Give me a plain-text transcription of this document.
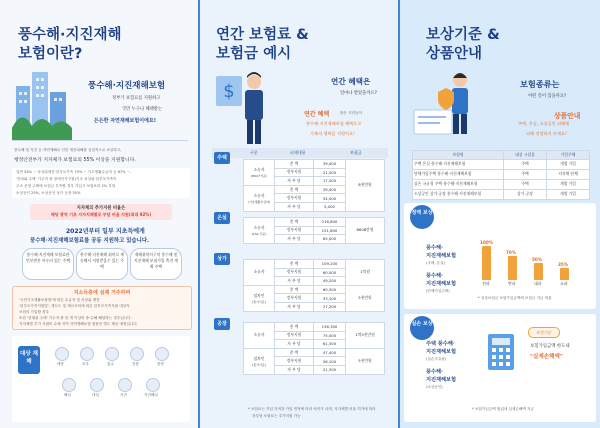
풍수해·지진재해
보험이란?
풍수해·지진재해보험
정부가 보험료를 지원하고
국민 누구나 혜택받는
든든한 자연재해보험이에요!
풍수해 및 지진 등 자연재해로 인한 재산피해를 실질적으로 보상하고,
행정안전부가 지자체가 보험료의 55% 이상을 지원합니다.
일반 55% ~ 차상위계층·한부모가족 70% ~ 기초생활수급자 등 87% ~,
'한파와 주택' 가주자 중 장애인가구원(기초 차상위·한부모가족이
주소 운영 주택에 보험금 부족할 경우 가입시 보험료의 2% 부담
소상공인 25%, 소상공인 상가 공장 55%
지자체의 추가지원 비율은
해당 광역 기초 지자치체별로 부담 비율 지원(최대 92%)
2022년부터 일부 지초득에게
풍수해·지진재해보험료를 공동 지원하고 있습니다.
풍수해·지진재해 보험료관 민보면진 아우러 있는 주택
풍수해·지진재해 취약로 계속해서 지원받을수 있는 주택
재해취약지구의 풍수해 및 지진재해 보험가입 축진 계획 주택
지소득층에 실제 거주하며
'국민기초생활보장법'에 따른 수급자 및 차상위 계층
'한부모가족지원법', 재도도 및 제르조의에 따른 한부모가족지원 대상자
보험의 가입할 경우
또한 '한계위 주택' 가주자 중 한 개 이상의 중·수해 해당하는 경우입니다.
지자체별 추가 지원비 수혜 지역 자연재해보험 청용증 별도 제공 예정입니다
대상 재해	태풍	호우	홍수	강풍	풍랑
해일	대설	지진	지진해일
연간 보험료 &
보험금 예시
$	연간 혜택은
얼마나 받았을까요?
연간 혜택	많은 국민들이
풍수해·지진재해보험 혜택으로
가족의 행복을 지원어요!
구분	피재내용	보험금
주택
소유자
(80m²기준)	총 액	39,000	8천만원
	정부지원	21,500	
	자 부 담	17,500	
소유자
(기초생활수급자)	총 액	39,000	
	정부지원	34,000	
	자 부 담	5,000	
온실
소유자
(1ha 기준)	총 액	216,800	8608만원
	정부지원	151,800	
	자 부 담	65,000	
상가
소유자	총 액	109,200	1억원
	정부지원	60,000	
	자 부 담	49,200	
임차인
(휴가기준)	총 액	60,300	5천만원
	정부지원	33,100	
	자 부 담	27,200	
공장
소유자	총 액	136,300	1억5천만원
	정부지원	75,000	
	자 부 담	61,300	
임차인
(휴가기준)	총 액	47,400	5천만원
	정부지원	26,100	
	자 부 담	21,300	
* 보험료는 가입 지역과 가입 면적에 따라 차이가 나며, 지자체별 비율 허가에 따라
자부담 보험료는 추가지원 가능
보상기준 &
상품안내
보험종류는
어떤 것이 있을까요?
상품안내
주택, 온실, 소상공인 피해에
피해 걱정하지 마세요!
보험명	대상 시설물	가입주체
주택 온실 풍수해·지진재해보험	주택	개별 가입
단체가입주택 풍수해·지진재해보험	주택	지자체 단체
실손 국유경 주택 풍수해·지진재해보험	주택	개별 가입
소상공인 상가·공장 풍수해·지진재해보험	상가 공장	개별 가입
정액 보상
풍수해·
지진재해보험
(주택, 온실)
풍수해·
지진재해보험
(단체가입주택)
100%
전파
70%
반파
50%
대파
35%
소파
* 일상보험금 보험가입금액에 보험금 지급 비율
실손 보상
주택 풍수해·
지진재해보험
(실손국유형)
풍수해·
지진재해보험
(소상공인)
보상기준
보험가입금액 한도내
"실제손해액"
* 보험가입금액 범위내 실제손해액 지급
